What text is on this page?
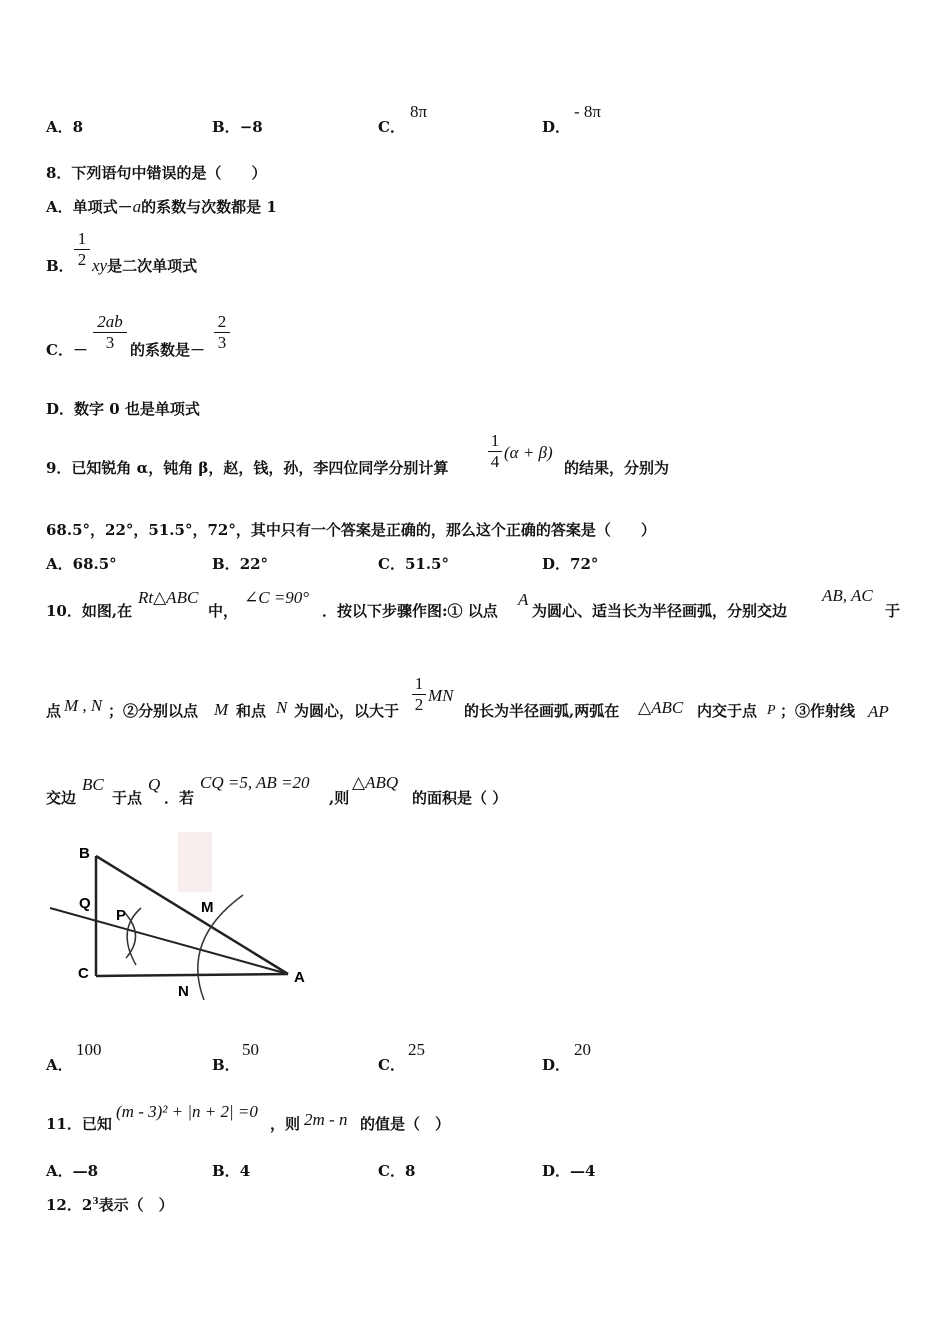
A．8	B．−8	C．
8π
D．
- 8π
8．下列语句中错误的是（　　）
A．单项式－a的系数与次数都是 1
B． $\frac{1}{2}$ xy是二次单项式
C．－ $\frac{2ab}{3}$ 的系数是－ $\frac{2}{3}$
D．数字 0 也是单项式
9．已知锐角 α，钝角 β，赵，钱，孙，李四位同学分别计算 $\frac{1}{4} (\alpha + \beta)$
的结果，分别为
68.5°，22°，51.5°，72°，其中只有一个答案是正确的，那么这个正确的答案是（　　）
A．68.5°	B．22°	C．51.5°	D．72°
10．如图,在
Rt△ABC
中，
∠C =90°
．按以下步骤作图:① 以点
A
为圆心、适当长为半径画弧，分别交边
AB, AC
于
点 M , N ；②分别以点 M 和点 N 为圆心，以大于 $\frac{1}{2}$ MN
的长为半径画弧,两弧在 △ABC 内交于点 P ；③作射线 AP
交边
BC
于点
Q
．若
CQ =5, AB =20
,则
△ABQ
的面积是（ ）
B
Q
P	M
C
N
A
A．
100
B．
50
C．
25
D．
20
11．已知
(m - 3)² + |n + 2| =0
，则 2m - n 的值是（　）
A．—8	B．4	C．8	D．—4
12．$2^3$表示（　）
